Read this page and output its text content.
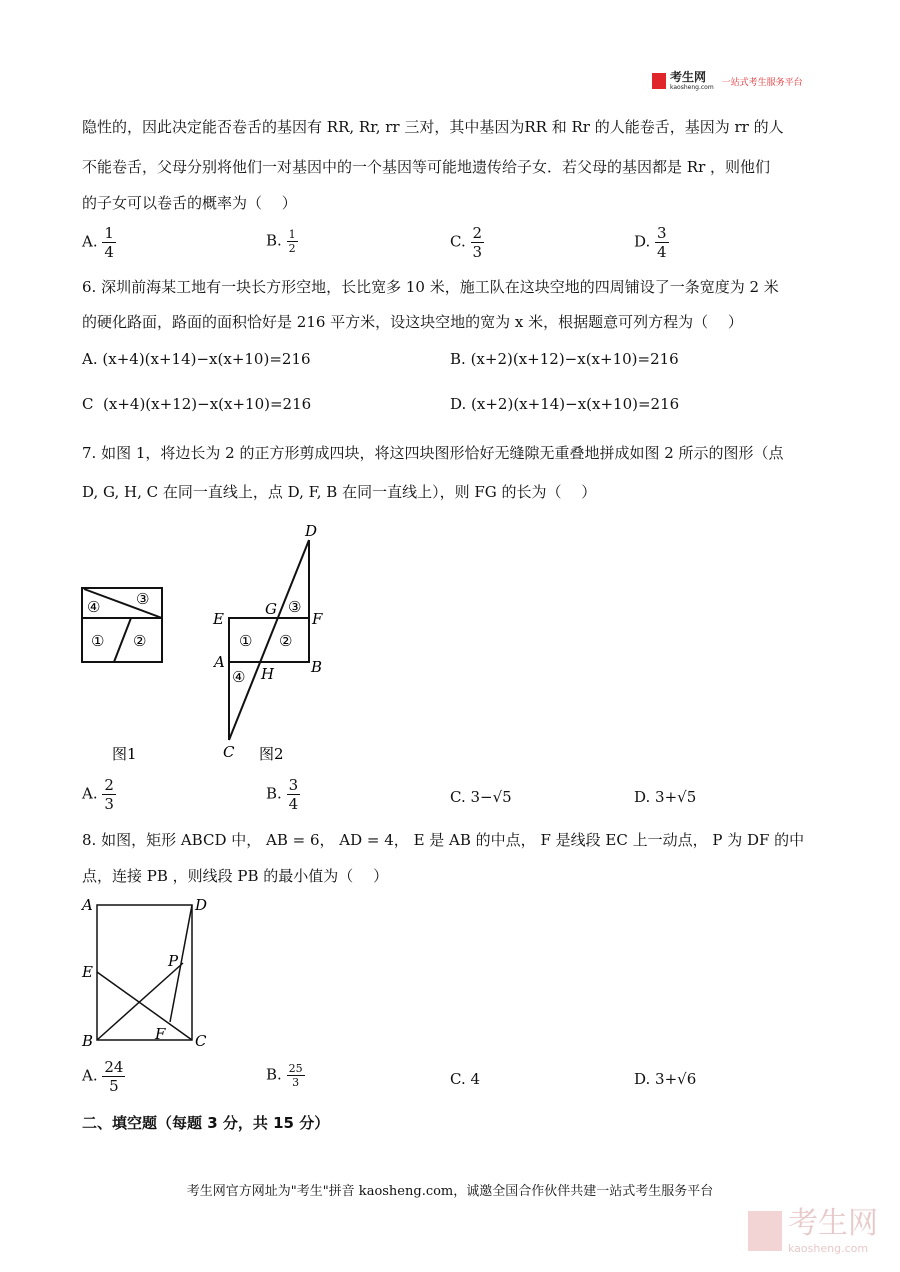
考生网
kaosheng.com 一站式考生服务平台
隐性的，因此决定能否卷舌的基因有 RR, Rr, rr 三对，其中基因为RR 和 Rr 的人能卷舌，基因为 rr 的人
不能卷舌，父母分别将他们一对基因中的一个基因等可能地遗传给子女．若父母的基因都是 Rr ，则他们
的子女可以卷舌的概率为（　 ）
A. $\frac{1}{4}$	B. $\frac{1}{2}$	C. $\frac{2}{3}$	D. $\frac{3}{4}$
6. 深圳前海某工地有一块长方形空地，长比宽多 10 米，施工队在这块空地的四周铺设了一条宽度为 2 米
的硬化路面，路面的面积恰好是 216 平方米，设这块空地的宽为 x 米，根据题意可列方程为（　 ）
A. (x+4)(x+14)−x(x+10)=216	B. (x+2)(x+12)−x(x+10)=216
C (x+4)(x+12)−x(x+10)=216	D. (x+2)(x+14)−x(x+10)=216
7. 如图 1，将边长为 2 的正方形剪成四块，将这四块图形恰好无缝隙无重叠地拼成如图 2 所示的图形（点
D, G, H, C 在同一直线上，点 D, F, B 在同一直线上），则 FG 的长为（　 ）
④ ③
① ②
图1
③
① ②
④
D
G
E	F
A
H B
C 图2
A	D
E
P
B	F C
A. $\frac{2}{3}$	B. $\frac{3}{4}$	C. 3−√5	D. 3+√5
8. 如图，矩形 ABCD 中， AB = 6， AD = 4， E 是 AB 的中点， F 是线段 EC 上一动点， P 为 DF 的中
点，连接 PB ，则线段 PB 的最小值为（　 ）
A. $\frac{24}{5}$	B. $\frac{25}{3}$	C. 4	D. 3+√6
二、填空题（每题 3 分，共 15 分）
考生网官方网址为"考生"拼音 kaosheng.com，诚邀全国合作伙伴共建一站式考生服务平台
考生网
kaosheng.com
